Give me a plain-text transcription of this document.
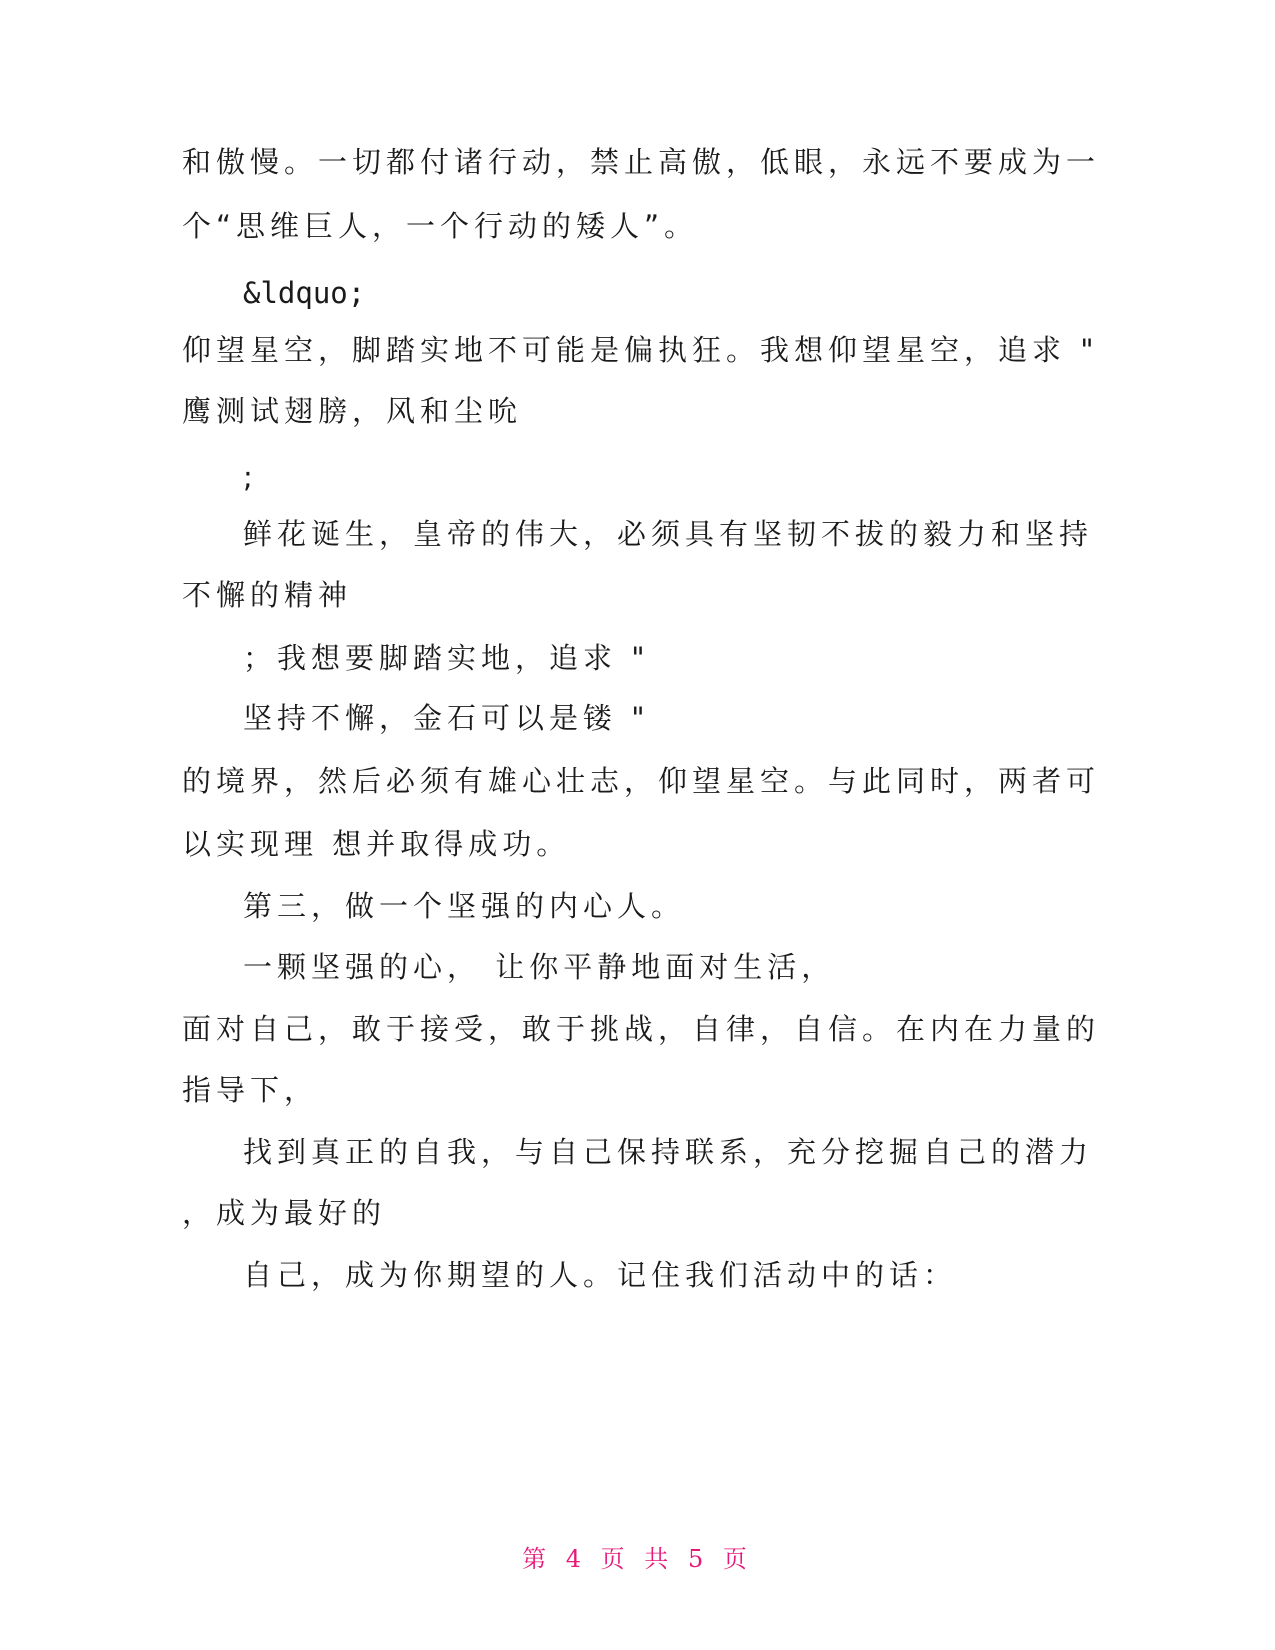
和傲慢。一切都付诸行动，禁止高傲，低眼，永远不要成为一
个“思维巨人，一个行动的矮人”。
&ldquo;
仰望星空，脚踏实地不可能是偏执狂。我想仰望星空，追求 "
鹰测试翅膀，风和尘吮
;
鲜花诞生，皇帝的伟大，必须具有坚韧不拔的毅力和坚持
不懈的精神
；我想要脚踏实地，追求 "
坚持不懈，金石可以是镂 "
的境界，然后必须有雄心壮志，仰望星空。与此同时，两者可
以实现理 想并取得成功。
第三，做一个坚强的内心人。
一颗坚强的心， 让你平静地面对生活，
面对自己，敢于接受，敢于挑战，自律，自信。在内在力量的
指导下，
找到真正的自我，与自己保持联系，充分挖掘自己的潜力
，成为最好的
自己，成为你期望的人。记住我们活动中的话：
第 4 页 共 5 页
